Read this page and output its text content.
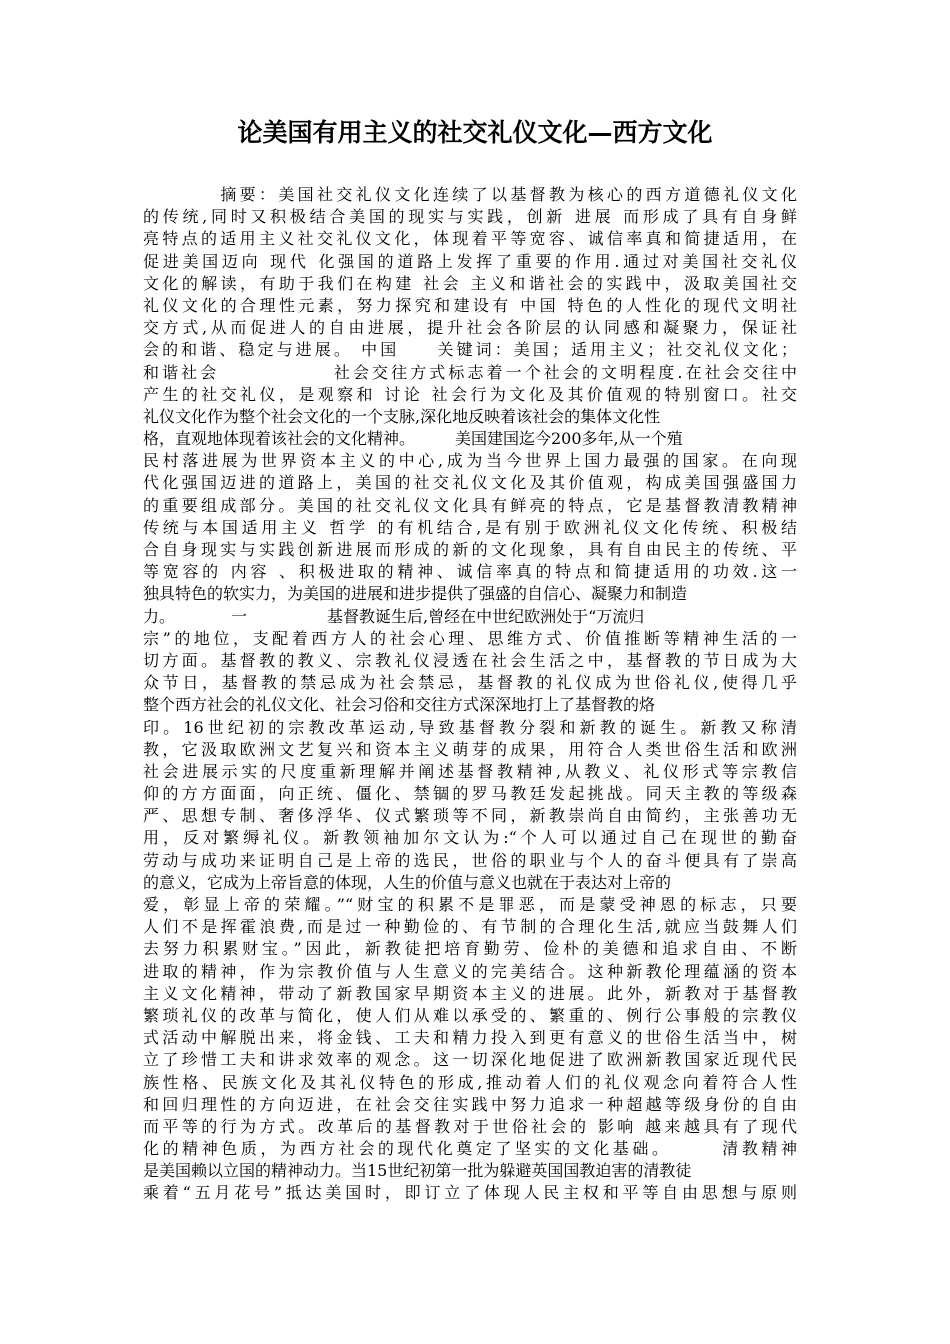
论美国有用主义的社交礼仪文化—西方文化
　　　　摘要：美国社交礼仪文化连续了以基督教为核心的西方道德礼仪文化
的传统,同时又积极结合美国的现实与实践，创新 进展 而形成了具有自身鲜
亮特点的适用主义社交礼仪文化，体现着平等宽容、诚信率真和简捷适用，在
促进美国迈向 现代 化强国的道路上发挥了重要的作用.通过对美国社交礼仪
文化的解读，有助于我们在构建 社会 主义和谐社会的实践中，汲取美国社交
礼仪文化的合理性元素，努力探究和建设有 中国 特色的人性化的现代文明社
交方式,从而促进人的自由进展，提升社会各阶层的认同感和凝聚力，保证社
会的和谐、稳定与进展。 中国　　关键词：美国；适用主义；社交礼仪文化；
和谐社会　　　　　　社会交往方式标志着一个社会的文明程度.在社会交往中
产生的社交礼仪，是观察和 讨论 社会行为文化及其价值观的特别窗口。社交
礼仪文化作为整个社会文化的一个支脉,深化地反映着该社会的集体文化性
格，直观地体现着该社会的文化精神。　　　美国建国迄今200多年,从一个殖
民村落进展为世界资本主义的中心,成为当今世界上国力最强的国家。在向现
代化强国迈进的道路上，美国的社交礼仪文化及其价值观，构成美国强盛国力
的重要组成部分。美国的社交礼仪文化具有鲜亮的特点，它是基督教清教精神
传统与本国适用主义 哲学 的有机结合,是有别于欧洲礼仪文化传统、积极结
合自身现实与实践创新进展而形成的新的文化现象，具有自由民主的传统、平
等宽容的 内容 、积极进取的精神、诚信率真的特点和简捷适用的功效.这一
独具特色的软实力，为美国的进展和进步提供了强盛的自信心、凝聚力和制造
力。　　　　一　　　　　基督教诞生后,曾经在中世纪欧洲处于“万流归
宗”的地位，支配着西方人的社会心理、思维方式、价值推断等精神生活的一
切方面。基督教的教义、宗教礼仪浸透在社会生活之中，基督教的节日成为大
众节日，基督教的禁忌成为社会禁忌，基督教的礼仪成为世俗礼仪,使得几乎
整个西方社会的礼仪文化、社会习俗和交往方式深深地打上了基督教的烙
印。16世纪初的宗教改革运动,导致基督教分裂和新教的诞生。新教又称清
教，它汲取欧洲文艺复兴和资本主义萌芽的成果，用符合人类世俗生活和欧洲
社会进展示实的尺度重新理解并阐述基督教精神,从教义、礼仪形式等宗教信
仰的方方面面，向正统、僵化、禁锢的罗马教廷发起挑战。同天主教的等级森
严、思想专制、奢侈浮华、仪式繁琐等不同，新教崇尚自由简约，主张善功无
用，反对繁缛礼仪。新教领袖加尔文认为:“个人可以通过自己在现世的勤奋
劳动与成功来证明自己是上帝的选民，世俗的职业与个人的奋斗便具有了崇高
的意义，它成为上帝旨意的体现，人生的价值与意义也就在于表达对上帝的
爱，彰显上帝的荣耀。”“财宝的积累不是罪恶，而是蒙受神恩的标志，只要
人们不是挥霍浪费,而是过一种勤俭的、有节制的合理化生活,就应当鼓舞人们
去努力积累财宝。”因此，新教徒把培育勤劳、俭朴的美德和追求自由、不断
进取的精神，作为宗教价值与人生意义的完美结合。这种新教伦理蕴涵的资本
主义文化精神，带动了新教国家早期资本主义的进展。此外，新教对于基督教
繁琐礼仪的改革与简化，使人们从难以承受的、繁重的、例行公事般的宗教仪
式活动中解脱出来，将金钱、工夫和精力投入到更有意义的世俗生活当中，树
立了珍惜工夫和讲求效率的观念。这一切深化地促进了欧洲新教国家近现代民
族性格、民族文化及其礼仪特色的形成,推动着人们的礼仪观念向着符合人性
和回归理性的方向迈进，在社会交往实践中努力追求一种超越等级身份的自由
而平等的行为方式。改革后的基督教对于世俗社会的 影响 越来越具有了现代
化的精神色质，为西方社会的现代化奠定了坚实的文化基础。　　　清教精神
是美国赖以立国的精神动力。当15世纪初第一批为躲避英国国教迫害的清教徒
乘着“五月花号”抵达美国时，即订立了体现人民主权和平等自由思想与原则
